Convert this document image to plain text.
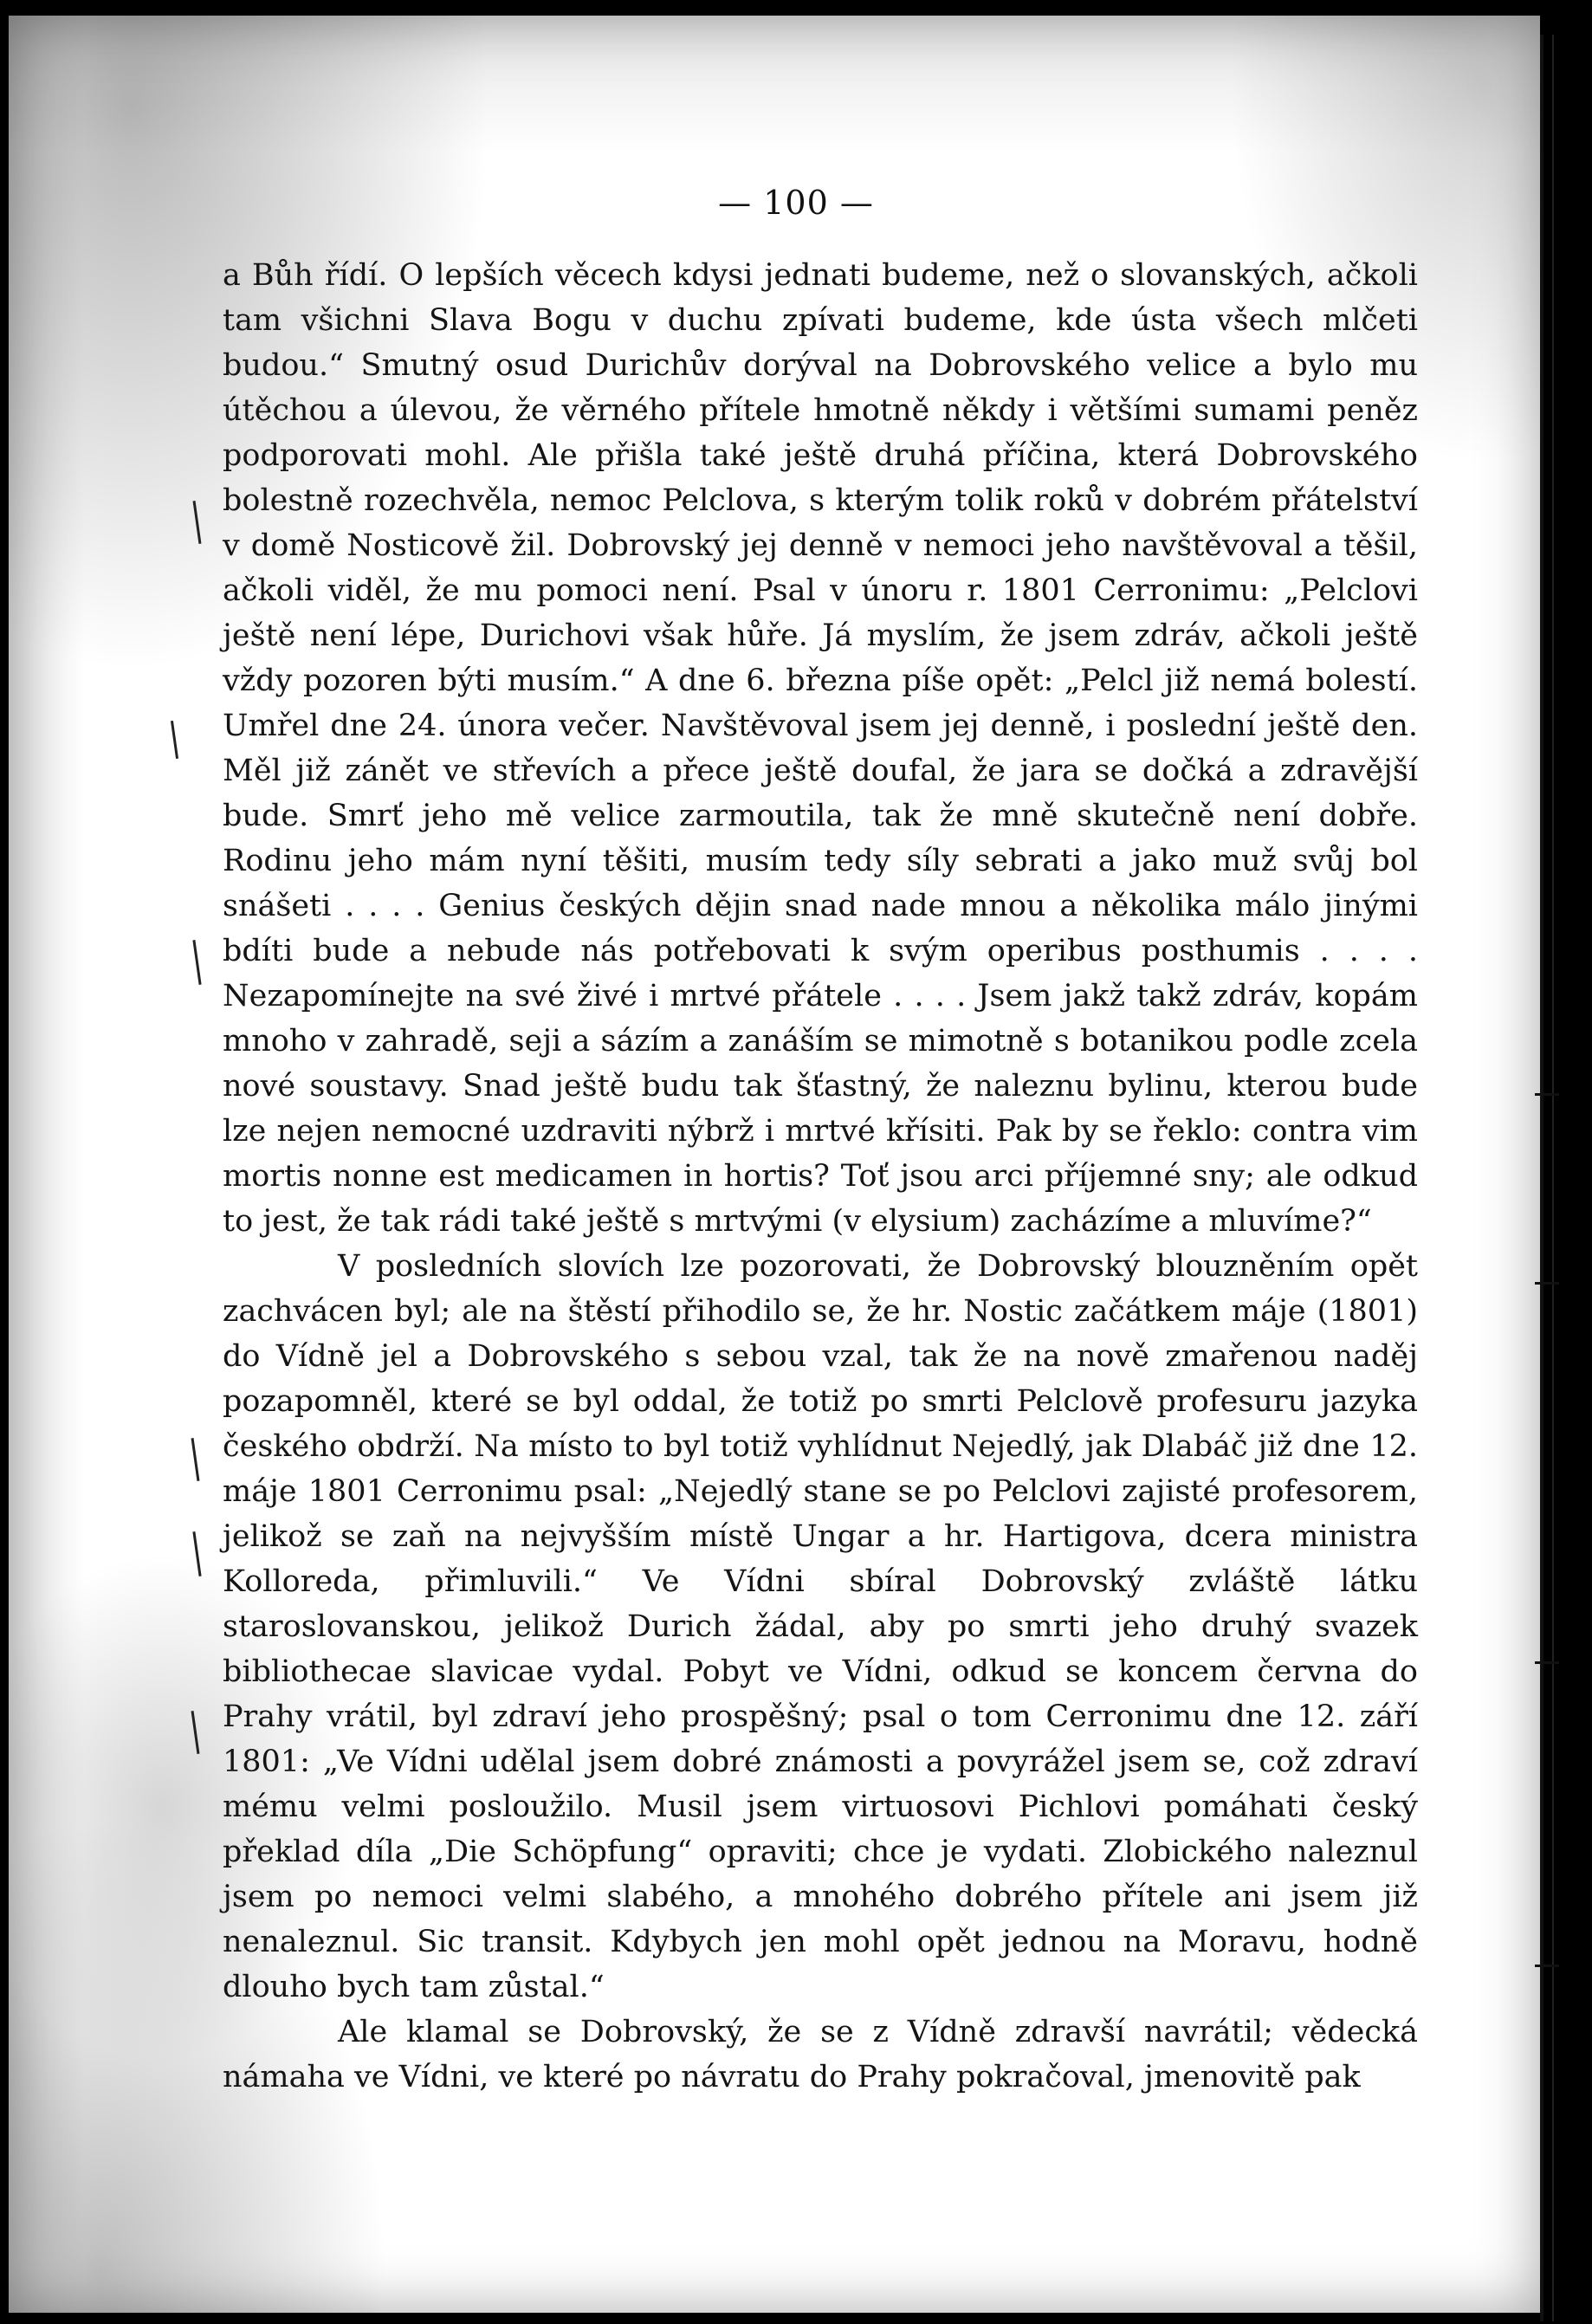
— 100 —

a Bůh řídí. O lepších věcech kdysi jednati budeme, než o slovanských, ačkoli tam všichni Slava Bogu v duchu zpívati budeme, kde ústa všech mlčeti budou.“ Smutný osud Durichův dorýval na Dobrovského velice a bylo mu útěchou a úlevou, že věrného přítele hmotně někdy i většími sumami peněz podporovati mohl. Ale přišla také ještě druhá příčina, která Dobrovského bolestně rozechvěla, nemoc Pelclova, s kterým tolik roků v dobrém přátelství v domě Nosticově žil. Dobrovský jej denně v nemoci jeho navštěvoval a těšil, ačkoli viděl, že mu pomoci není. Psal v únoru r. 1801 Cerronimu: „Pelclovi ještě není lépe, Durichovi však hůře. Já myslím, že jsem zdráv, ačkoli ještě vždy pozoren býti musím.“ A dne 6. března píše opět: „Pelcl již nemá bolestí. Umřel dne 24. února večer. Navštěvoval jsem jej denně, i poslední ještě den. Měl již zánět ve střevích a přece ještě doufal, že jara se dočká a zdravější bude. Smrť jeho mě velice zarmoutila, tak že mně skutečně není dobře. Rodinu jeho mám nyní těšiti, musím tedy síly sebrati a jako muž svůj bol snášeti . . . . Genius českých dějin snad nade mnou a několika málo jinými bdíti bude a nebude nás potřebovati k svým operibus posthumis . . . . Nezapomínejte na své živé i mrtvé přátele . . . . Jsem jakž takž zdráv, kopám mnoho v zahradě, seji a sázím a zanáším se mimotně s botanikou podle zcela nové soustavy. Snad ještě budu tak šťastný, že naleznu bylinu, kterou bude lze nejen nemocné uzdraviti nýbrž i mrtvé křísiti. Pak by se řeklo: contra vim mortis nonne est medicamen in hortis? Toť jsou arci příjemné sny; ale odkud to jest, že tak rádi také ještě s mrtvými (v elysium) zacházíme a mluvíme?“

V posledních slovích lze pozorovati, že Dobrovský blouzněním opět zachvácen byl; ale na štěstí přihodilo se, že hr. Nostic začátkem máje (1801) do Vídně jel a Dobrovského s sebou vzal, tak že na nově zmařenou naděj pozapomněl, které se byl oddal, že totiž po smrti Pelclově profesuru jazyka českého obdrží. Na místo to byl totiž vyhlídnut Nejedlý, jak Dlabáč již dne 12. máje 1801 Cerronimu psal: „Nejedlý stane se po Pelclovi zajisté profesorem, jelikož se zaň na nejvyšším místě Ungar a hr. Hartigova, dcera ministra Kolloreda, přimluvili.“ Ve Vídni sbíral Dobrovský zvláště látku staroslovanskou, jelikož Durich žádal, aby po smrti jeho druhý svazek bibliothecae slavicae vydal. Pobyt ve Vídni, odkud se koncem června do Prahy vrátil, byl zdraví jeho prospěšný; psal o tom Cerronimu dne 12. září 1801: „Ve Vídni udělal jsem dobré známosti a povyrážel jsem se, což zdraví mému velmi posloužilo. Musil jsem virtuosovi Pichlovi pomáhati český překlad díla „Die Schöpfung“ opraviti; chce je vydati. Zlobického naleznul jsem po nemoci velmi slabého, a mnohého dobrého přítele ani jsem již nenaleznul. Sic transit. Kdybych jen mohl opět jednou na Moravu, hodně dlouho bych tam zůstal.“

Ale klamal se Dobrovský, že se z Vídně zdravší navrátil; vědecká námaha ve Vídni, ve které po návratu do Prahy pokračoval, jmenovitě pak
